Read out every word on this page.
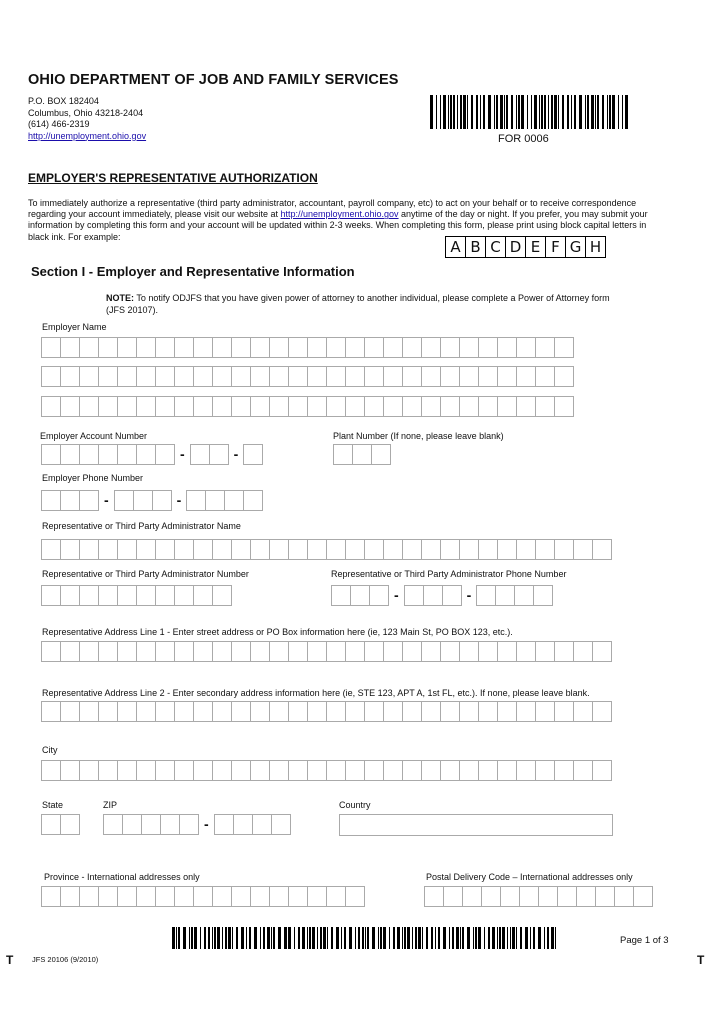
OHIO DEPARTMENT OF JOB AND FAMILY SERVICES
P.O. BOX 182404
Columbus, Ohio 43218-2404
(614) 466-2319
http://unemployment.ohio.gov	FOR 0006
EMPLOYER'S REPRESENTATIVE AUTHORIZATION
To immediately authorize a representative (third party administrator, accountant, payroll company, etc) to act on your behalf or to receive correspondence regarding your account immediately, please visit our website at http://unemployment.ohio.gov anytime of the day or night. If you prefer, you may submit your information by completing this form and your account will be updated within 2-3 weeks. When completing this form, please print using block capital letters in black ink. For example:
A B C D E F G H
Section I - Employer and Representative Information
NOTE: To notify ODJFS that you have given power of attorney to another individual, please complete a Power of Attorney form (JFS 20107).
Employer Name
Employer Account Number
-	-
Plant Number (If none, please leave blank)
Employer Phone Number
-	-
Representative or Third Party Administrator Name
Representative or Third Party Administrator Number	Representative or Third Party Administrator Phone Number
-	-
Representative Address Line 1 - Enter street address or PO Box information here (ie, 123 Main St, PO BOX 123, etc.).
Representative Address Line 2 - Enter secondary address information here (ie, STE 123, APT A, 1st FL, etc.). If none, please leave blank.
City
State	ZIP	Country
-
Province - International addresses only	Postal Delivery Code – International addresses only
Page 1 of 3
JFS 20106 (9/2010)
T	T
